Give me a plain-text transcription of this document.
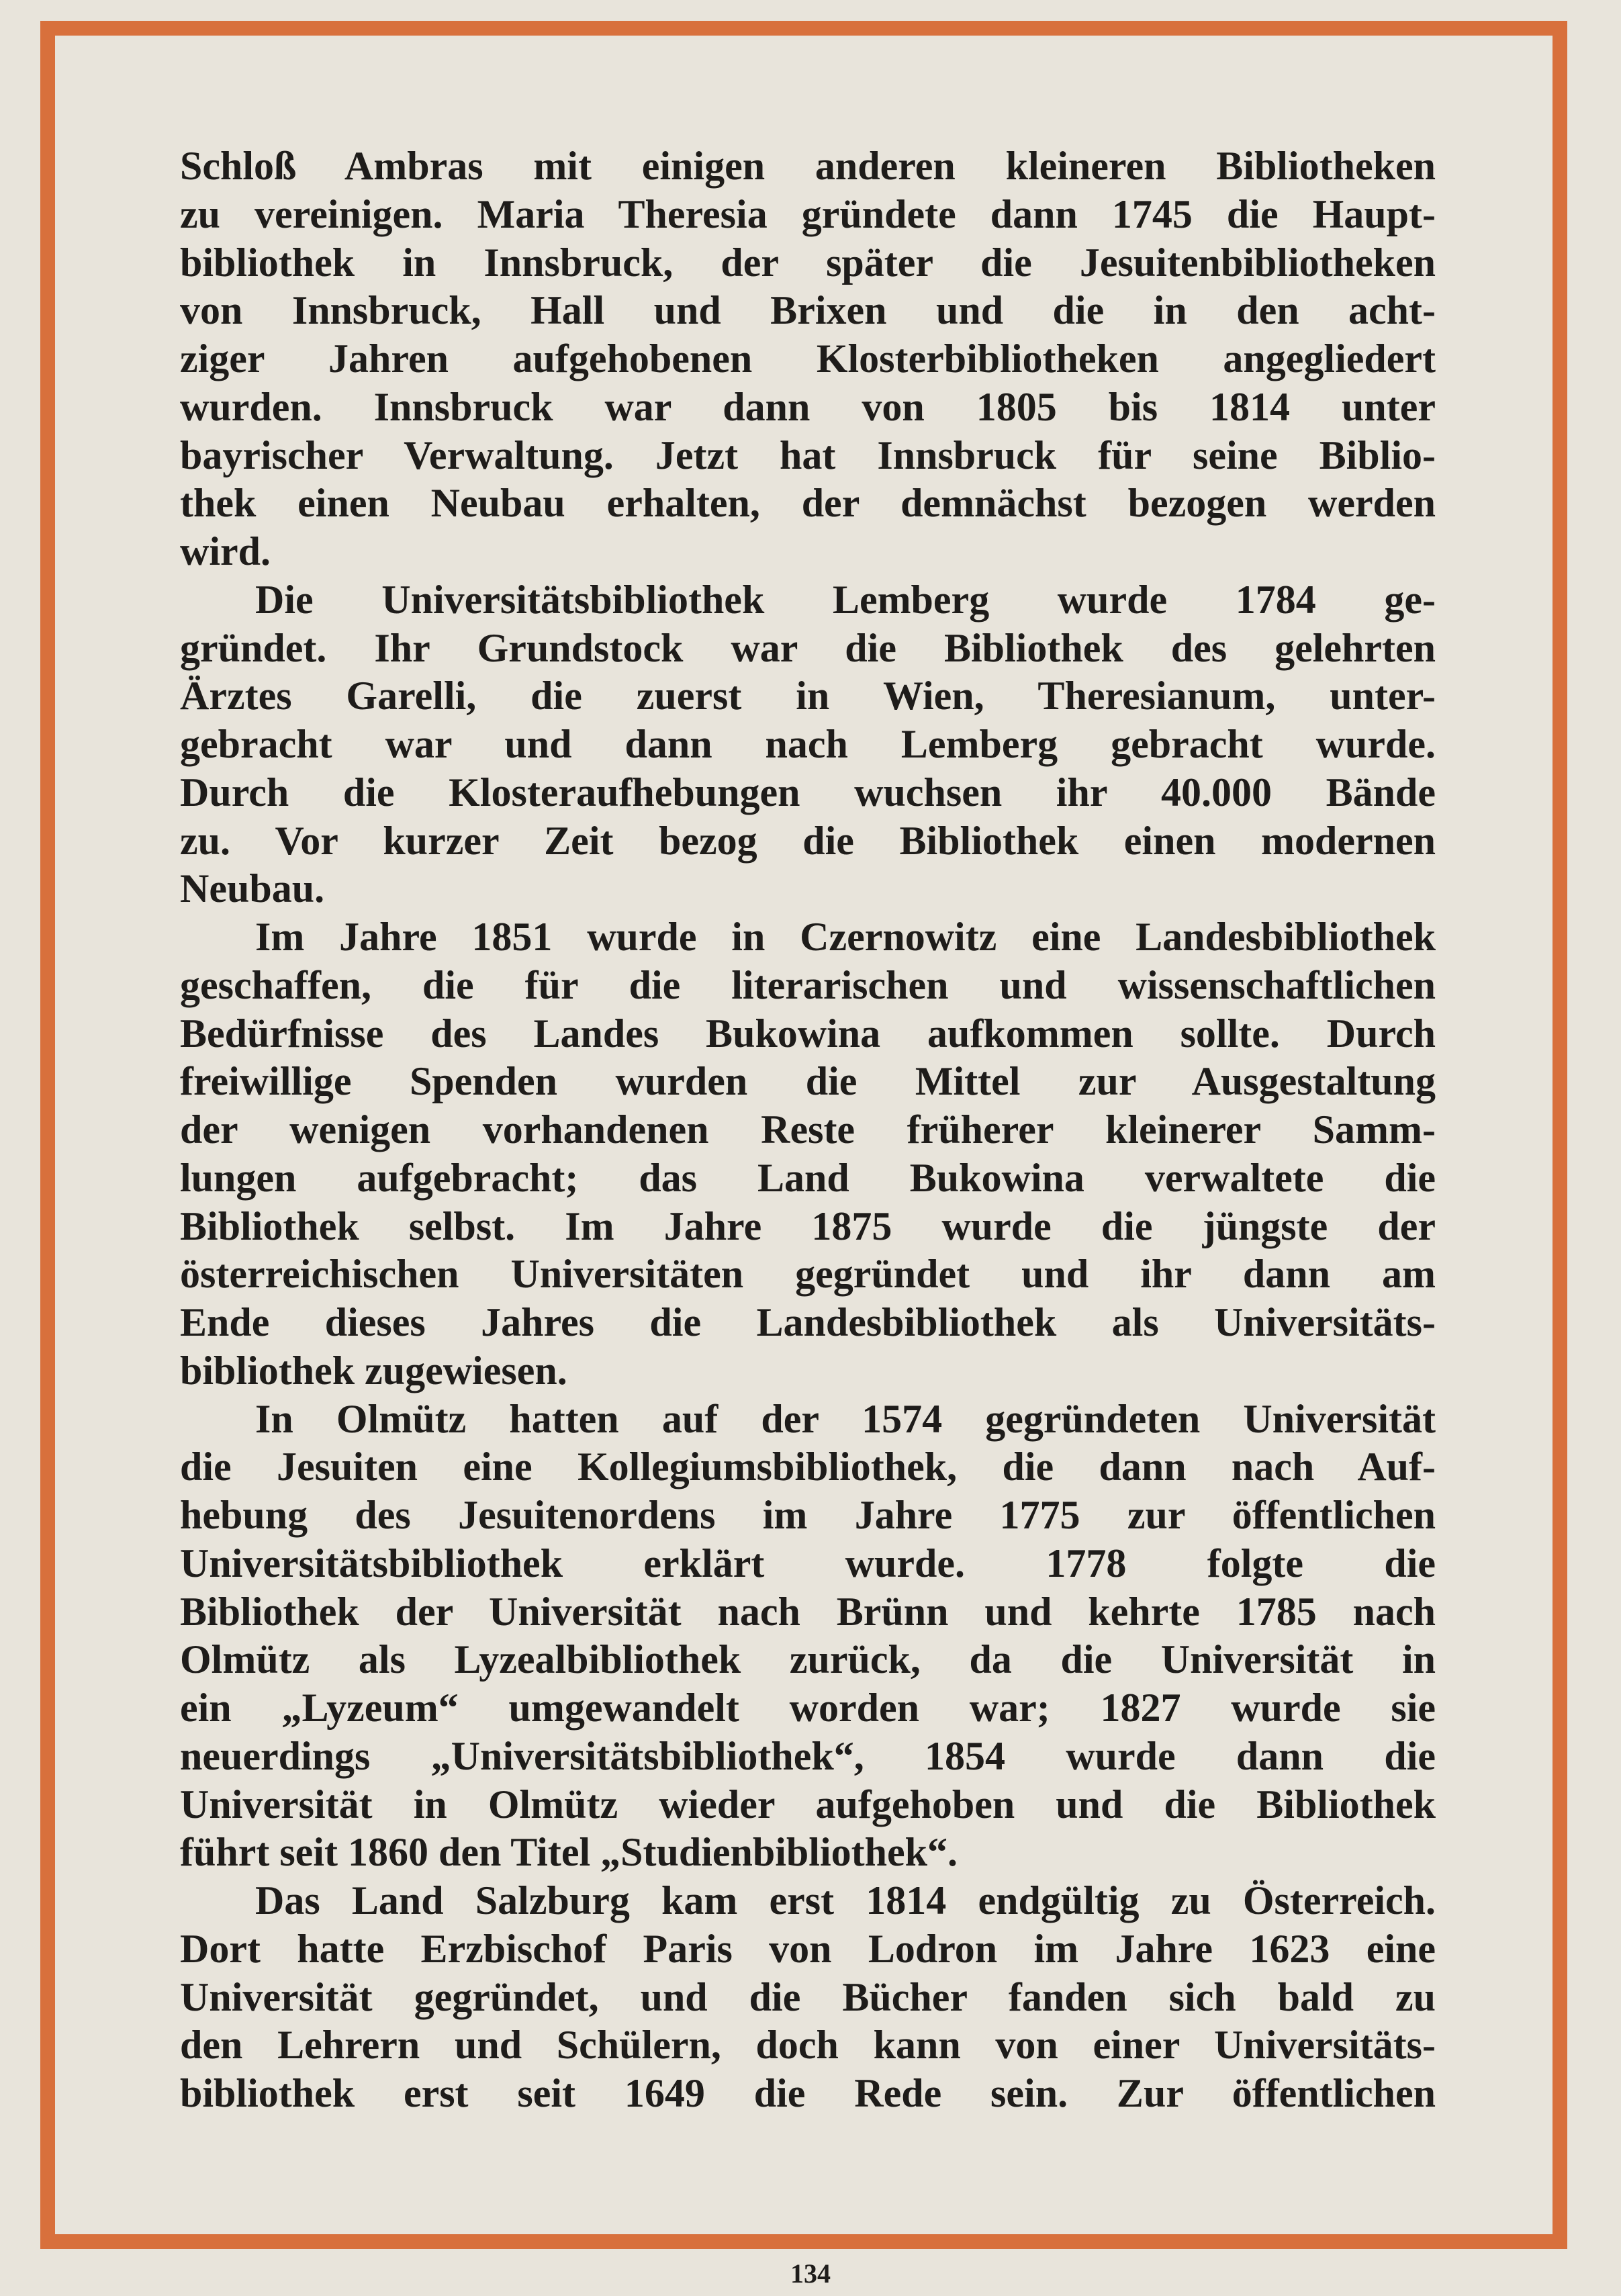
Schloß Ambras mit einigen anderen kleineren Bibliotheken
zu vereinigen. Maria Theresia gründete dann 1745 die Haupt-
bibliothek in Innsbruck, der später die Jesuitenbibliotheken
von Innsbruck, Hall und Brixen und die in den acht-
ziger Jahren aufgehobenen Klosterbibliotheken angegliedert
wurden. Innsbruck war dann von 1805 bis 1814 unter
bayrischer Verwaltung. Jetzt hat Innsbruck für seine Biblio-
thek einen Neubau erhalten, der demnächst bezogen werden
wird.
Die Universitätsbibliothek Lemberg wurde 1784 ge-
gründet. Ihr Grundstock war die Bibliothek des gelehrten
Ärztes Garelli, die zuerst in Wien, Theresianum, unter-
gebracht war und dann nach Lemberg gebracht wurde.
Durch die Klosteraufhebungen wuchsen ihr 40.000 Bände
zu. Vor kurzer Zeit bezog die Bibliothek einen modernen
Neubau.
Im Jahre 1851 wurde in Czernowitz eine Landesbibliothek
geschaffen, die für die literarischen und wissenschaftlichen
Bedürfnisse des Landes Bukowina aufkommen sollte. Durch
freiwillige Spenden wurden die Mittel zur Ausgestaltung
der wenigen vorhandenen Reste früherer kleinerer Samm-
lungen aufgebracht; das Land Bukowina verwaltete die
Bibliothek selbst. Im Jahre 1875 wurde die jüngste der
österreichischen Universitäten gegründet und ihr dann am
Ende dieses Jahres die Landesbibliothek als Universitäts-
bibliothek zugewiesen.
In Olmütz hatten auf der 1574 gegründeten Universität
die Jesuiten eine Kollegiumsbibliothek, die dann nach Auf-
hebung des Jesuitenordens im Jahre 1775 zur öffentlichen
Universitätsbibliothek erklärt wurde. 1778 folgte die
Bibliothek der Universität nach Brünn und kehrte 1785 nach
Olmütz als Lyzealbibliothek zurück, da die Universität in
ein „Lyzeum“ umgewandelt worden war; 1827 wurde sie
neuerdings „Universitätsbibliothek“, 1854 wurde dann die
Universität in Olmütz wieder aufgehoben und die Bibliothek
führt seit 1860 den Titel „Studienbibliothek“.
Das Land Salzburg kam erst 1814 endgültig zu Österreich.
Dort hatte Erzbischof Paris von Lodron im Jahre 1623 eine
Universität gegründet, und die Bücher fanden sich bald zu
den Lehrern und Schülern, doch kann von einer Universitäts-
bibliothek erst seit 1649 die Rede sein. Zur öffentlichen
134
